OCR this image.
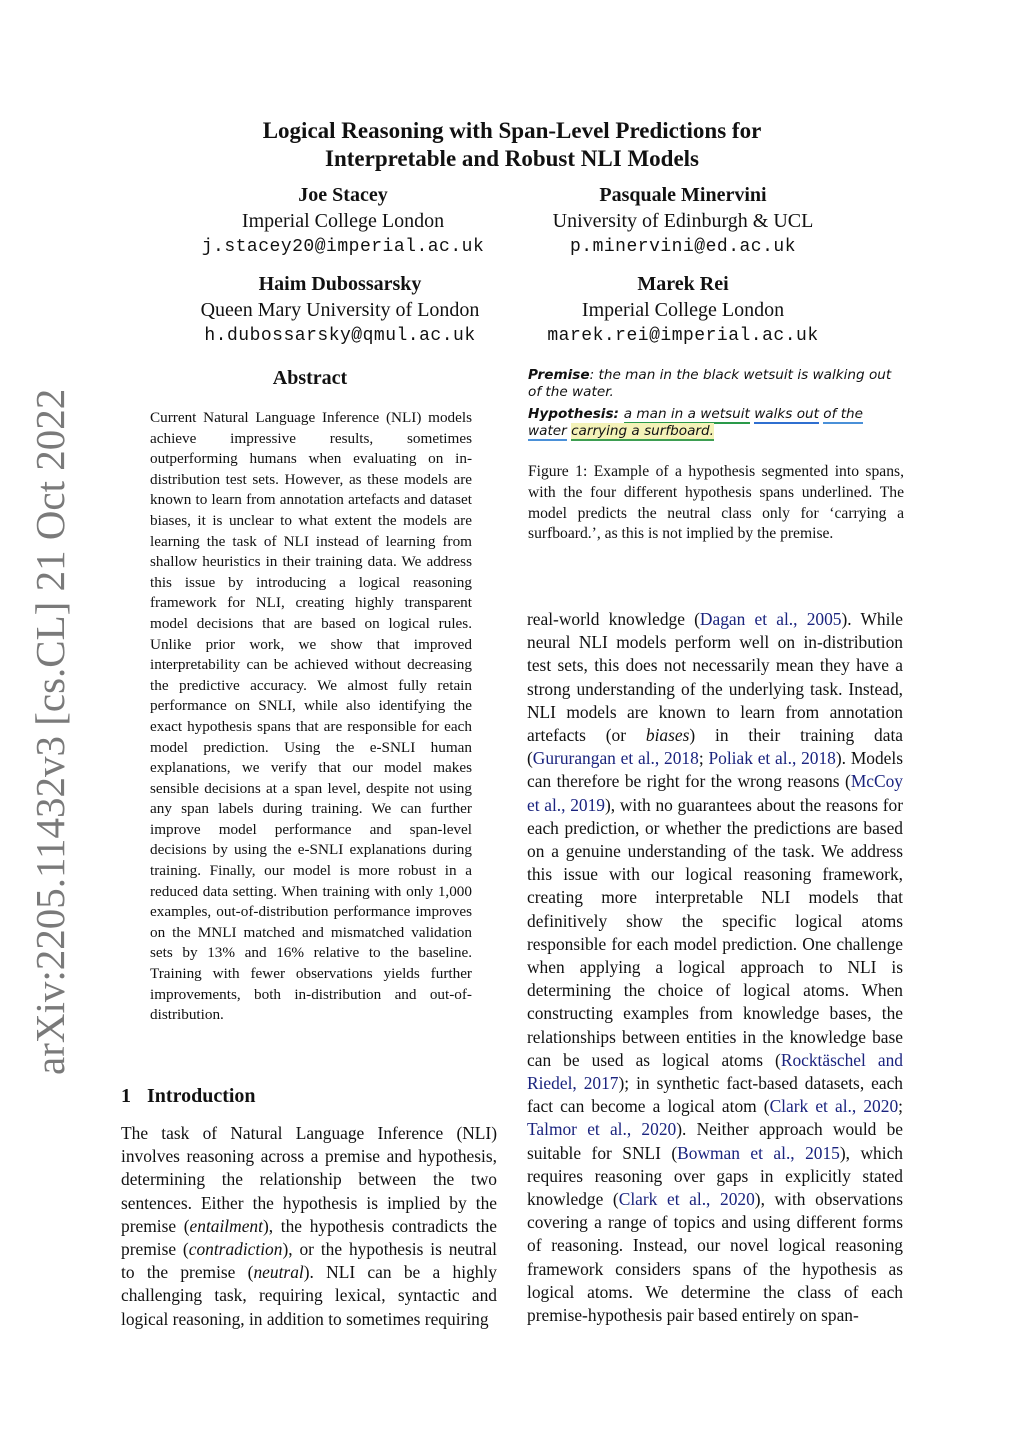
arXiv:2205.11432v3 [cs.CL] 21 Oct 2022
Logical Reasoning with Span-Level Predictions for
Interpretable and Robust NLI Models
Joe Stacey
Imperial College London
j.stacey20@imperial.ac.uk
Pasquale Minervini
University of Edinburgh & UCL
p.minervini@ed.ac.uk
Haim Dubossarsky
Queen Mary University of London
h.dubossarsky@qmul.ac.uk
Marek Rei
Imperial College London
marek.rei@imperial.ac.uk
Abstract
Current Natural Language Inference (NLI) models achieve impressive results, sometimes outperforming humans when evaluating on in-distribution test sets. However, as these models are known to learn from annotation artefacts and dataset biases, it is unclear to what extent the models are learning the task of NLI instead of learning from shallow heuristics in their training data. We address this issue by introducing a logical reasoning framework for NLI, creating highly transparent model decisions that are based on logical rules. Unlike prior work, we show that improved interpretability can be achieved without decreasing the predictive accuracy. We almost fully retain performance on SNLI, while also identifying the exact hypothesis spans that are responsible for each model prediction. Using the e-SNLI human explanations, we verify that our model makes sensible decisions at a span level, despite not using any span labels during training. We can further improve model performance and span-level decisions by using the e-SNLI explanations during training. Finally, our model is more robust in a reduced data setting. When training with only 1,000 examples, out-of-distribution performance improves on the MNLI matched and mismatched validation sets by 13% and 16% relative to the baseline. Training with fewer observations yields further improvements, both in-distribution and out-of-distribution.
1 Introduction
The task of Natural Language Inference (NLI) involves reasoning across a premise and hypothesis, determining the relationship between the two sentences. Either the hypothesis is implied by the premise (entailment), the hypothesis contradicts the premise (contradiction), or the hypothesis is neutral to the premise (neutral). NLI can be a highly challenging task, requiring lexical, syntactic and logical reasoning, in addition to sometimes requiring
Premise: the man in the black wetsuit is walking out of the water.
Hypothesis: a man in a wetsuit walks out of the water carrying a surfboard.
Figure 1: Example of a hypothesis segmented into spans, with the four different hypothesis spans underlined. The model predicts the neutral class only for ‘carrying a surfboard.’, as this is not implied by the premise.
real-world knowledge (Dagan et al., 2005). While neural NLI models perform well on in-distribution test sets, this does not necessarily mean they have a strong understanding of the underlying task. Instead, NLI models are known to learn from annotation artefacts (or biases) in their training data (Gururangan et al., 2018; Poliak et al., 2018). Models can therefore be right for the wrong reasons (McCoy et al., 2019), with no guarantees about the reasons for each prediction, or whether the predictions are based on a genuine understanding of the task. We address this issue with our logical reasoning framework, creating more interpretable NLI models that definitively show the specific logical atoms responsible for each model prediction. One challenge when applying a logical approach to NLI is determining the choice of logical atoms. When constructing examples from knowledge bases, the relationships between entities in the knowledge base can be used as logical atoms (Rocktäschel and Riedel, 2017); in synthetic fact-based datasets, each fact can become a logical atom (Clark et al., 2020; Talmor et al., 2020). Neither approach would be suitable for SNLI (Bowman et al., 2015), which requires reasoning over gaps in explicitly stated knowledge (Clark et al., 2020), with observations covering a range of topics and using different forms of reasoning. Instead, our novel logical reasoning framework considers spans of the hypothesis as logical atoms. We determine the class of each premise-hypothesis pair based entirely on span-
